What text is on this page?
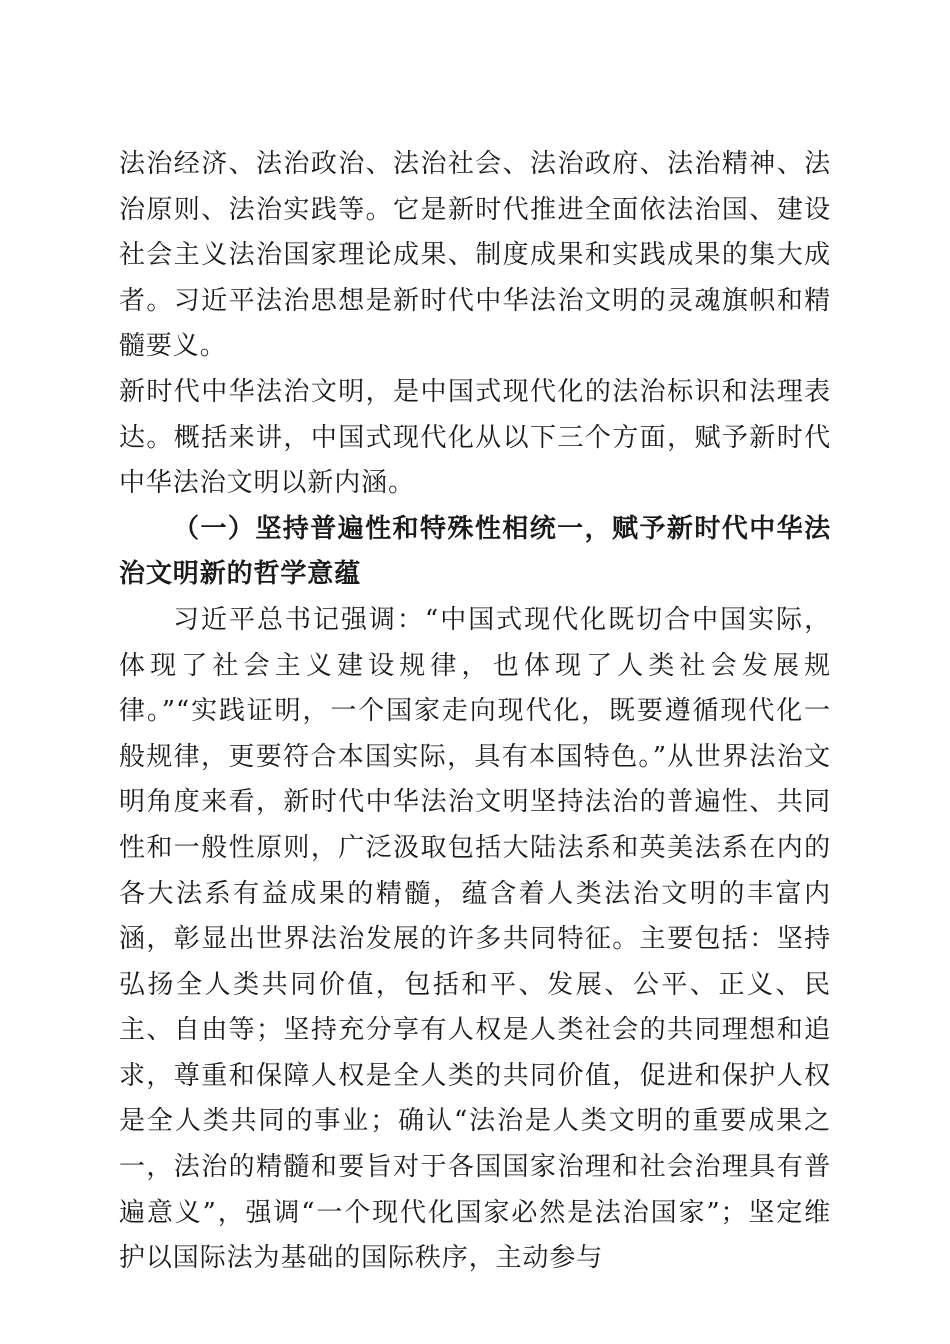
法治经济、法治政治、法治社会、法治政府、法治精神、法治原则、法治实践等。它是新时代推进全面依法治国、建设社会主义法治国家理论成果、制度成果和实践成果的集大成者。习近平法治思想是新时代中华法治文明的灵魂旗帜和精髓要义。

新时代中华法治文明，是中国式现代化的法治标识和法理表达。概括来讲，中国式现代化从以下三个方面，赋予新时代中华法治文明以新内涵。

（一）坚持普遍性和特殊性相统一，赋予新时代中华法治文明新的哲学意蕴

习近平总书记强调：“中国式现代化既切合中国实际，体现了社会主义建设规律，也体现了人类社会发展规律。”“实践证明，一个国家走向现代化，既要遵循现代化一般规律，更要符合本国实际，具有本国特色。”从世界法治文明角度来看，新时代中华法治文明坚持法治的普遍性、共同性和一般性原则，广泛汲取包括大陆法系和英美法系在内的各大法系有益成果的精髓，蕴含着人类法治文明的丰富内涵，彰显出世界法治发展的许多共同特征。主要包括：坚持弘扬全人类共同价值，包括和平、发展、公平、正义、民主、自由等；坚持充分享有人权是人类社会的共同理想和追求，尊重和保障人权是全人类的共同价值，促进和保护人权是全人类共同的事业；确认“法治是人类文明的重要成果之一，法治的精髓和要旨对于各国国家治理和社会治理具有普遍意义”，强调“一个现代化国家必然是法治国家”；坚定维护以国际法为基础的国际秩序，主动参与
